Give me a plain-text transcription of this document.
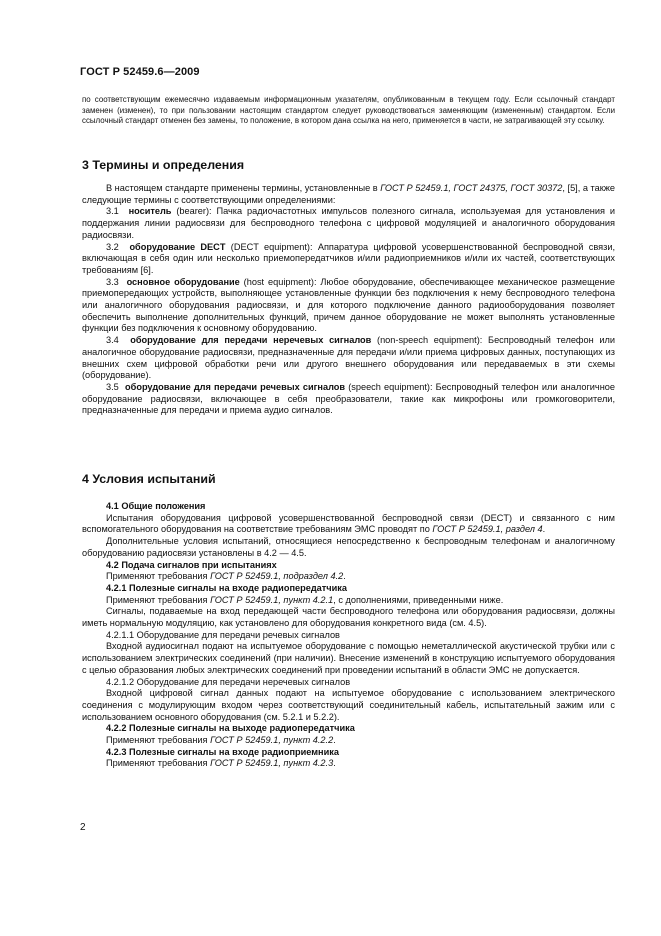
ГОСТ Р 52459.6—2009

по соответствующим ежемесячно издаваемым информационным указателям, опубликованным в текущем году. Если ссылочный стандарт заменен (изменен), то при пользовании настоящим стандартом следует руководствоваться заменяющим (измененным) стандартом. Если ссылочный стандарт отменен без замены, то положение, в котором дана ссылка на него, применяется в части, не затрагивающей эту ссылку.

3 Термины и определения

В настоящем стандарте применены термины, установленные в ГОСТ Р 52459.1, ГОСТ 24375, ГОСТ 30372, [5], а также следующие термины с соответствующими определениями:

3.1 носитель (bearer): Пачка радиочастотных импульсов полезного сигнала, используемая для установления и поддержания линии радиосвязи для беспроводного телефона с цифровой модуляцией и аналогичного оборудования радиосвязи.

3.2 оборудование DECT (DECT equipment): Аппаратура цифровой усовершенствованной беспроводной связи, включающая в себя один или несколько приемопередатчиков и/или радиоприемников и/или их частей, соответствующих требованиям [6].

3.3 основное оборудование (host equipment): Любое оборудование, обеспечивающее механическое размещение приемопередающих устройств, выполняющее установленные функции без подключения к нему беспроводного телефона или аналогичного оборудования радиосвязи, и для которого подключение данного радиооборудования позволяет обеспечить выполнение дополнительных функций, причем данное оборудование не может выполнять установленные функции без подключения к основному оборудованию.

3.4 оборудование для передачи неречевых сигналов (non-speech equipment): Беспроводный телефон или аналогичное оборудование радиосвязи, предназначенные для передачи и/или приема цифровых данных, поступающих из внешних схем цифровой обработки речи или другого внешнего оборудования или передаваемых в эти схемы (оборудование).

3.5 оборудование для передачи речевых сигналов (speech equipment): Беспроводный телефон или аналогичное оборудование радиосвязи, включающее в себя преобразователи, такие как микрофоны или громкоговорители, предназначенные для передачи и приема аудио сигналов.

4 Условия испытаний

4.1 Общие положения

Испытания оборудования цифровой усовершенствованной беспроводной связи (DECT) и связанного с ним вспомогательного оборудования на соответствие требованиям ЭМС проводят по ГОСТ Р 52459.1, раздел 4.

Дополнительные условия испытаний, относящиеся непосредственно к беспроводным телефонам и аналогичному оборудованию радиосвязи установлены в 4.2 — 4.5.

4.2 Подача сигналов при испытаниях

Применяют требования ГОСТ Р 52459.1, подраздел 4.2.

4.2.1 Полезные сигналы на входе радиопередатчика

Применяют требования ГОСТ Р 52459.1, пункт 4.2.1, с дополнениями, приведенными ниже.

Сигналы, подаваемые на вход передающей части беспроводного телефона или оборудования радиосвязи, должны иметь нормальную модуляцию, как установлено для оборудования конкретного вида (см. 4.5).

4.2.1.1 Оборудование для передачи речевых сигналов

Входной аудиосигнал подают на испытуемое оборудование с помощью неметаллической акустической трубки или с использованием электрических соединений (при наличии). Внесение изменений в конструкцию испытуемого оборудования с целью образования любых электрических соединений при проведении испытаний в области ЭМС не допускается.

4.2.1.2 Оборудование для передачи неречевых сигналов

Входной цифровой сигнал данных подают на испытуемое оборудование с использованием электрического соединения с модулирующим входом через соответствующий соединительный кабель, испытательный зажим или с использованием основного оборудования (см. 5.2.1 и 5.2.2).

4.2.2 Полезные сигналы на выходе радиопередатчика

Применяют требования ГОСТ Р 52459.1, пункт 4.2.2.

4.2.3 Полезные сигналы на входе радиоприемника

Применяют требования ГОСТ Р 52459.1, пункт 4.2.3.

2
